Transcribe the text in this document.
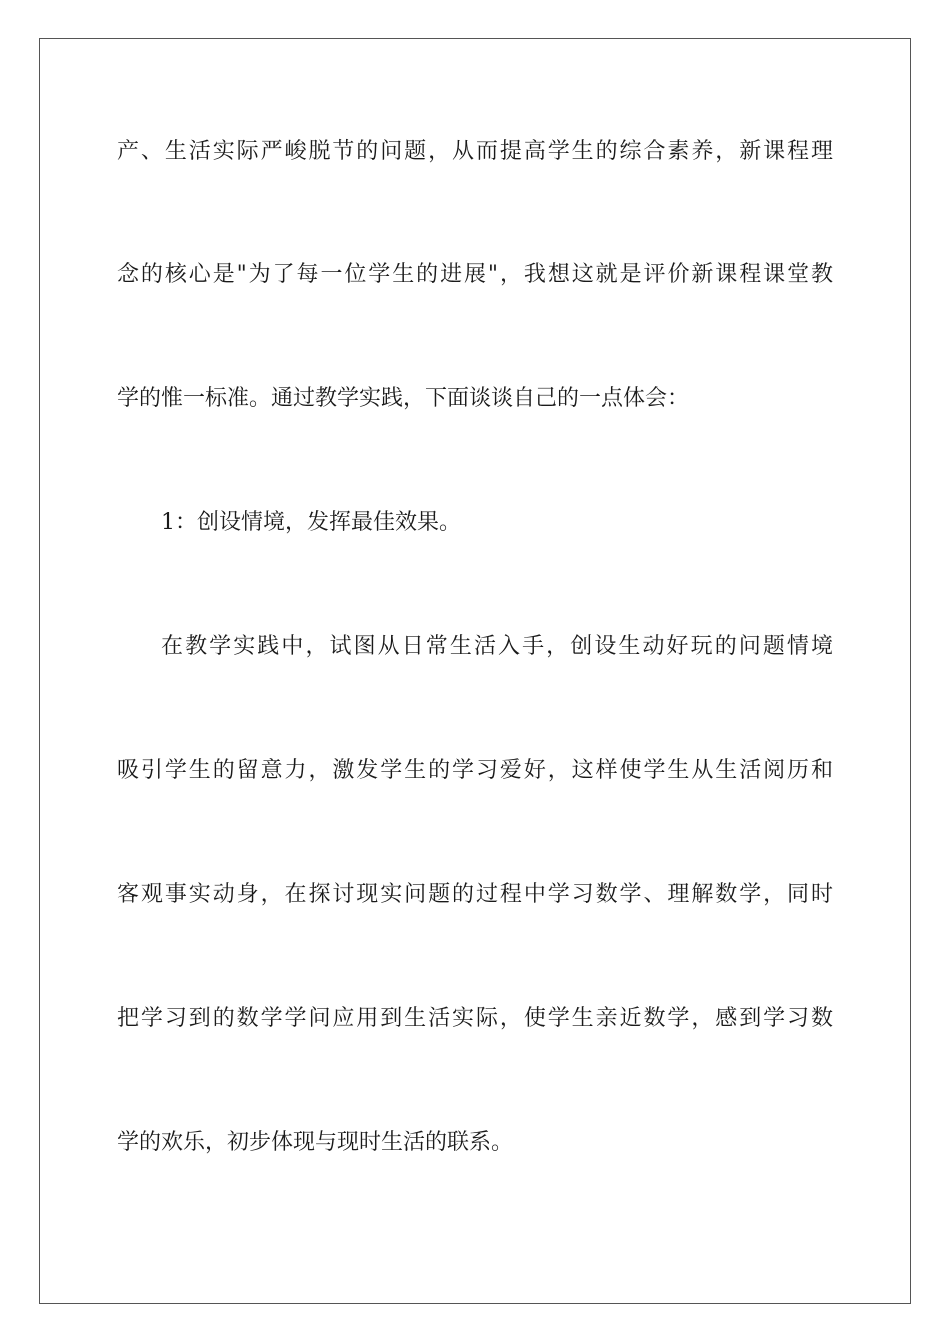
产、生活实际严峻脱节的问题，从而提高学生的综合素养，新课程理

念的核心是"为了每一位学生的进展"，我想这就是评价新课程课堂教

学的惟一标准。通过教学实践，下面谈谈自己的一点体会：

1：创设情境，发挥最佳效果。

在教学实践中，试图从日常生活入手，创设生动好玩的问题情境

吸引学生的留意力，激发学生的学习爱好，这样使学生从生活阅历和

客观事实动身，在探讨现实问题的过程中学习数学、理解数学，同时

把学习到的数学学问应用到生活实际，使学生亲近数学，感到学习数

学的欢乐，初步体现与现时生活的联系。
